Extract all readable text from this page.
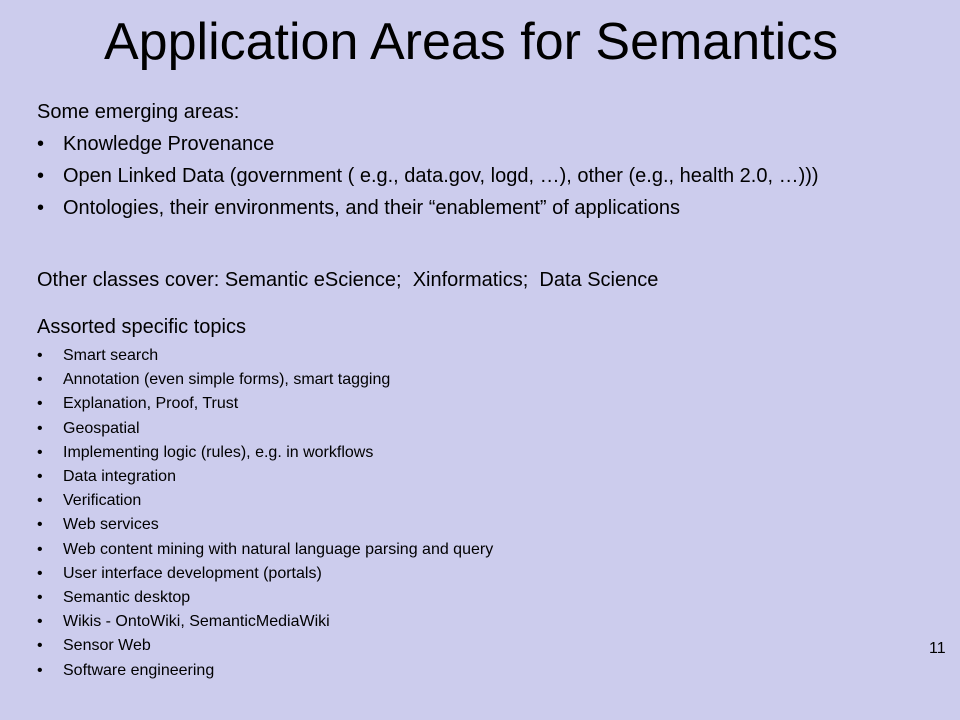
Application Areas for Semantics
Some emerging areas:
• Knowledge Provenance
• Open Linked Data (government ( e.g., data.gov, logd, …), other (e.g., health 2.0, …)))
• Ontologies, their environments, and their “enablement” of applications
Other classes cover: Semantic eScience;  Xinformatics;  Data Science
Assorted specific topics
• Smart search
• Annotation (even simple forms), smart tagging
• Explanation, Proof, Trust
• Geospatial
• Implementing logic (rules), e.g. in workflows
• Data integration
• Verification
• Web services
• Web content mining with natural language parsing and query
• User interface development (portals)
• Semantic desktop
• Wikis - OntoWiki, SemanticMediaWiki
• Sensor Web
• Software engineering
11
